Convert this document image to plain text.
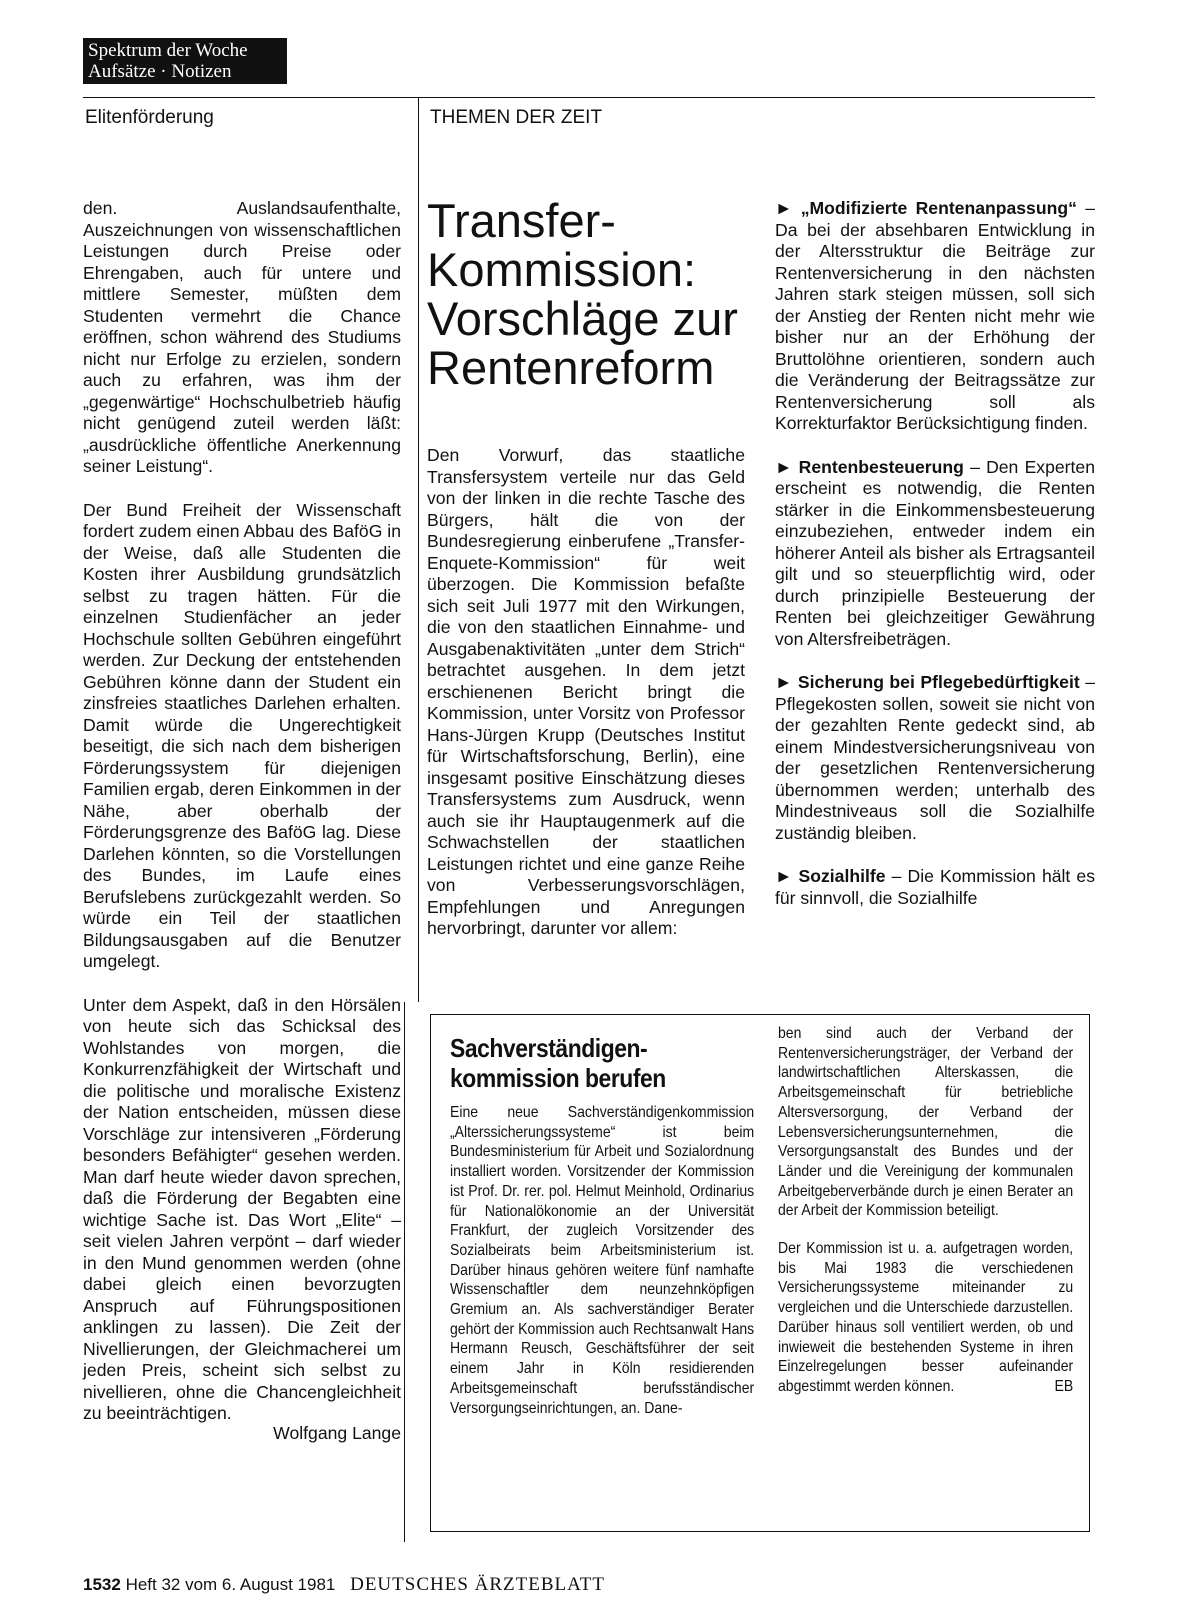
Spektrum der Woche
Aufsätze · Notizen
Elitenförderung	THEMEN DER ZEIT

den. Auslandsaufenthalte, Auszeichnungen von wissenschaftlichen Leistungen durch Preise oder Ehrengaben, auch für untere und mittlere Semester, müßten dem Studenten vermehrt die Chance eröffnen, schon während des Studiums nicht nur Erfolge zu erzielen, sondern auch zu erfahren, was ihm der „gegenwärtige“ Hochschulbetrieb häufig nicht genügend zuteil werden läßt: „ausdrückliche öffentliche Anerkennung seiner Leistung“.

Der Bund Freiheit der Wissenschaft fordert zudem einen Abbau des BaföG in der Weise, daß alle Studenten die Kosten ihrer Ausbildung grundsätzlich selbst zu tragen hätten. Für die einzelnen Studienfächer an jeder Hochschule sollten Gebühren eingeführt werden. Zur Deckung der entstehenden Gebühren könne dann der Student ein zinsfreies staatliches Darlehen erhalten. Damit würde die Ungerechtigkeit beseitigt, die sich nach dem bisherigen Förderungssystem für diejenigen Familien ergab, deren Einkommen in der Nähe, aber oberhalb der Förderungsgrenze des BaföG lag. Diese Darlehen könnten, so die Vorstellungen des Bundes, im Laufe eines Berufslebens zurückgezahlt werden. So würde ein Teil der staatlichen Bildungsausgaben auf die Benutzer umgelegt.

Unter dem Aspekt, daß in den Hörsälen von heute sich das Schicksal des Wohlstandes von morgen, die Konkurrenzfähigkeit der Wirtschaft und die politische und moralische Existenz der Nation entscheiden, müssen diese Vorschläge zur intensiveren „Förderung besonders Befähigter“ gesehen werden. Man darf heute wieder davon sprechen, daß die Förderung der Begabten eine wichtige Sache ist. Das Wort „Elite“ – seit vielen Jahren verpönt – darf wieder in den Mund genommen werden (ohne dabei gleich einen bevorzugten Anspruch auf Führungspositionen anklingen zu lassen). Die Zeit der Nivellierungen, der Gleichmacherei um jeden Preis, scheint sich selbst zu nivellieren, ohne die Chancengleichheit zu beeinträchtigen.

Wolfgang Lange
Transfer-Kommission: Vorschläge zur Rentenreform

Den Vorwurf, das staatliche Transfersystem verteile nur das Geld von der linken in die rechte Tasche des Bürgers, hält die von der Bundesregierung einberufene „Transfer-Enquete-Kommission“ für weit überzogen. Die Kommission befaßte sich seit Juli 1977 mit den Wirkungen, die von den staatlichen Einnahme- und Ausgabenaktivitäten „unter dem Strich“ betrachtet ausgehen. In dem jetzt erschienenen Bericht bringt die Kommission, unter Vorsitz von Professor Hans-Jürgen Krupp (Deutsches Institut für Wirtschaftsforschung, Berlin), eine insgesamt positive Einschätzung dieses Transfersystems zum Ausdruck, wenn auch sie ihr Hauptaugenmerk auf die Schwachstellen der staatlichen Leistungen richtet und eine ganze Reihe von Verbesserungsvorschlägen, Empfehlungen und Anregungen hervorbringt, darunter vor allem:

► „Modifizierte Rentenanpassung“ – Da bei der absehbaren Entwicklung in der Altersstruktur die Beiträge zur Rentenversicherung in den nächsten Jahren stark steigen müssen, soll sich der Anstieg der Renten nicht mehr wie bisher nur an der Erhöhung der Bruttolöhne orientieren, sondern auch die Veränderung der Beitragssätze zur Rentenversicherung soll als Korrekturfaktor Berücksichtigung finden.

► Rentenbesteuerung – Den Experten erscheint es notwendig, die Renten stärker in die Einkommensbesteuerung einzubeziehen, entweder indem ein höherer Anteil als bisher als Ertragsanteil gilt und so steuerpflichtig wird, oder durch prinzipielle Besteuerung der Renten bei gleichzeitiger Gewährung von Altersfreibeträgen.

► Sicherung bei Pflegebedürftigkeit – Pflegekosten sollen, soweit sie nicht von der gezahlten Rente gedeckt sind, ab einem Mindestversicherungsniveau von der gesetzlichen Rentenversicherung übernommen werden; unterhalb des Mindestniveaus soll die Sozialhilfe zuständig bleiben.

► Sozialhilfe – Die Kommission hält es für sinnvoll, die Sozialhilfe

Sachverständigen-
kommission berufen

Eine neue Sachverständigenkommission „Alterssicherungssysteme“ ist beim Bundesministerium für Arbeit und Sozialordnung installiert worden. Vorsitzender der Kommission ist Prof. Dr. rer. pol. Helmut Meinhold, Ordinarius für Nationalökonomie an der Universität Frankfurt, der zugleich Vorsitzender des Sozialbeirats beim Arbeitsministerium ist. Darüber hinaus gehören weitere fünf namhafte Wissenschaftler dem neunzehnköpfigen Gremium an. Als sachverständiger Berater gehört der Kommission auch Rechtsanwalt Hans Hermann Reusch, Geschäftsführer der seit einem Jahr in Köln residierenden Arbeitsgemeinschaft berufsständischer Versorgungseinrichtungen, an. Dane-

ben sind auch der Verband der Rentenversicherungsträger, der Verband der landwirtschaftlichen Alterskassen, die Arbeitsgemeinschaft für betriebliche Altersversorgung, der Verband der Lebensversicherungsunternehmen, die Versorgungsanstalt des Bundes und der Länder und die Vereinigung der kommunalen Arbeitgeberverbände durch je einen Berater an der Arbeit der Kommission beteiligt.

Der Kommission ist u. a. aufgetragen worden, bis Mai 1983 die verschiedenen Versicherungssysteme miteinander zu vergleichen und die Unterschiede darzustellen. Darüber hinaus soll ventiliert werden, ob und inwieweit die bestehenden Systeme in ihren Einzelregelungen besser aufeinander abgestimmt werden können.	EB

1532 Heft 32 vom 6. August 1981 DEUTSCHES ÄRZTEBLATT
